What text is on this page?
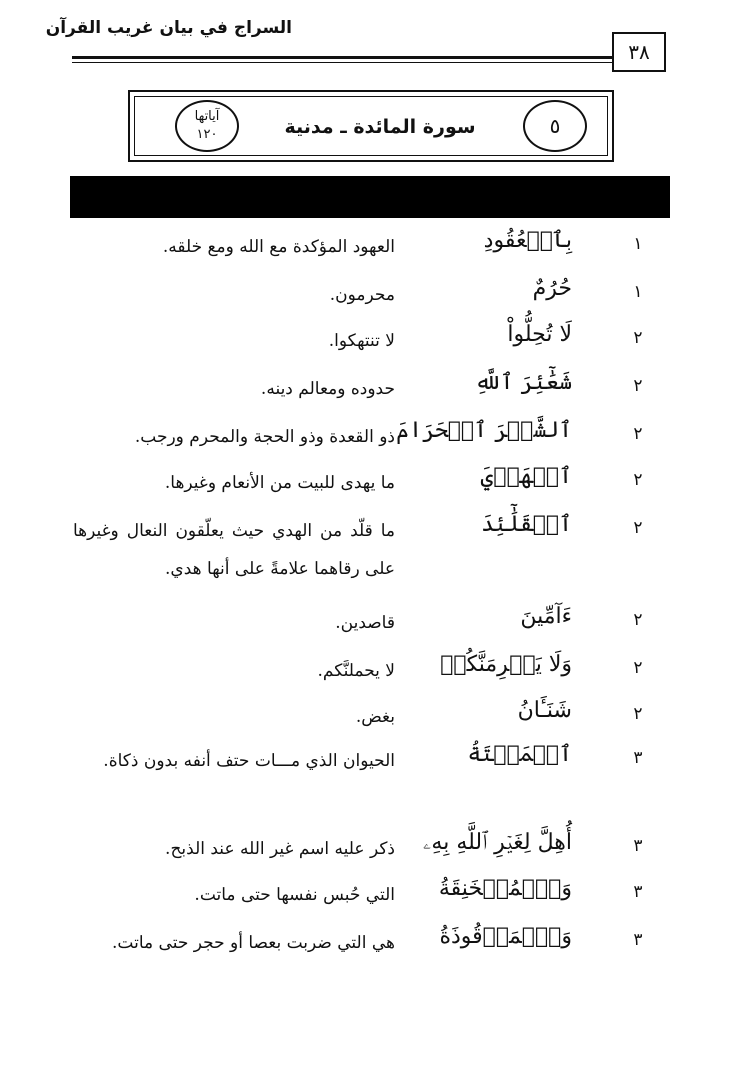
السراج في بيان غريب القرآن
٣٨
آياتها
١٢٠	سورة المائدة ـ مدنية	٥
١
بِٱلۡعُقُودِ
العهود المؤكدة مع الله ومع خلقه.
١
حُرُمٌ
محرمون.
٢
لَا تُحِلُّواْ
لا تنتهكوا.
٢
شَعَٰٓئِرَ ٱللَّهِ
حدوده ومعالم دينه.
٢
ٱلشَّهۡرَ ٱلۡحَرَامَ
ذو القعدة وذو الحجة والمحرم ورجب.
٢
ٱلۡهَدۡيَ
ما يهدى للبيت من الأنعام وغيرها.
٢
ٱلۡقَلَٰٓئِدَ
ما قلّد من الهدي حيث يعلّقون النعال وغيرها على رقاهما علامةً على أنها هدي.
٢
ءَآمِّينَ
قاصدين.
٢
وَلَا يَجۡرِمَنَّكُمۡ
لا يحملنَّكم.
٢
شَنَـَٔانُ
بغض.
٣
ٱلۡمَيۡتَةُ
الحيوان الذي مـــات حتف أنفه بدون ذكاة.
٣
أُهِلَّ لِغَيۡرِ ٱللَّهِ بِهِۦ
ذكر عليه اسم غير الله عند الذبح.
٣
وَٱلۡمُنۡخَنِقَةُ
التي حُبس نفسها حتى ماتت.
٣
وَٱلۡمَوۡقُوذَةُ
هي التي ضربت بعصا أو حجر حتى ماتت.
